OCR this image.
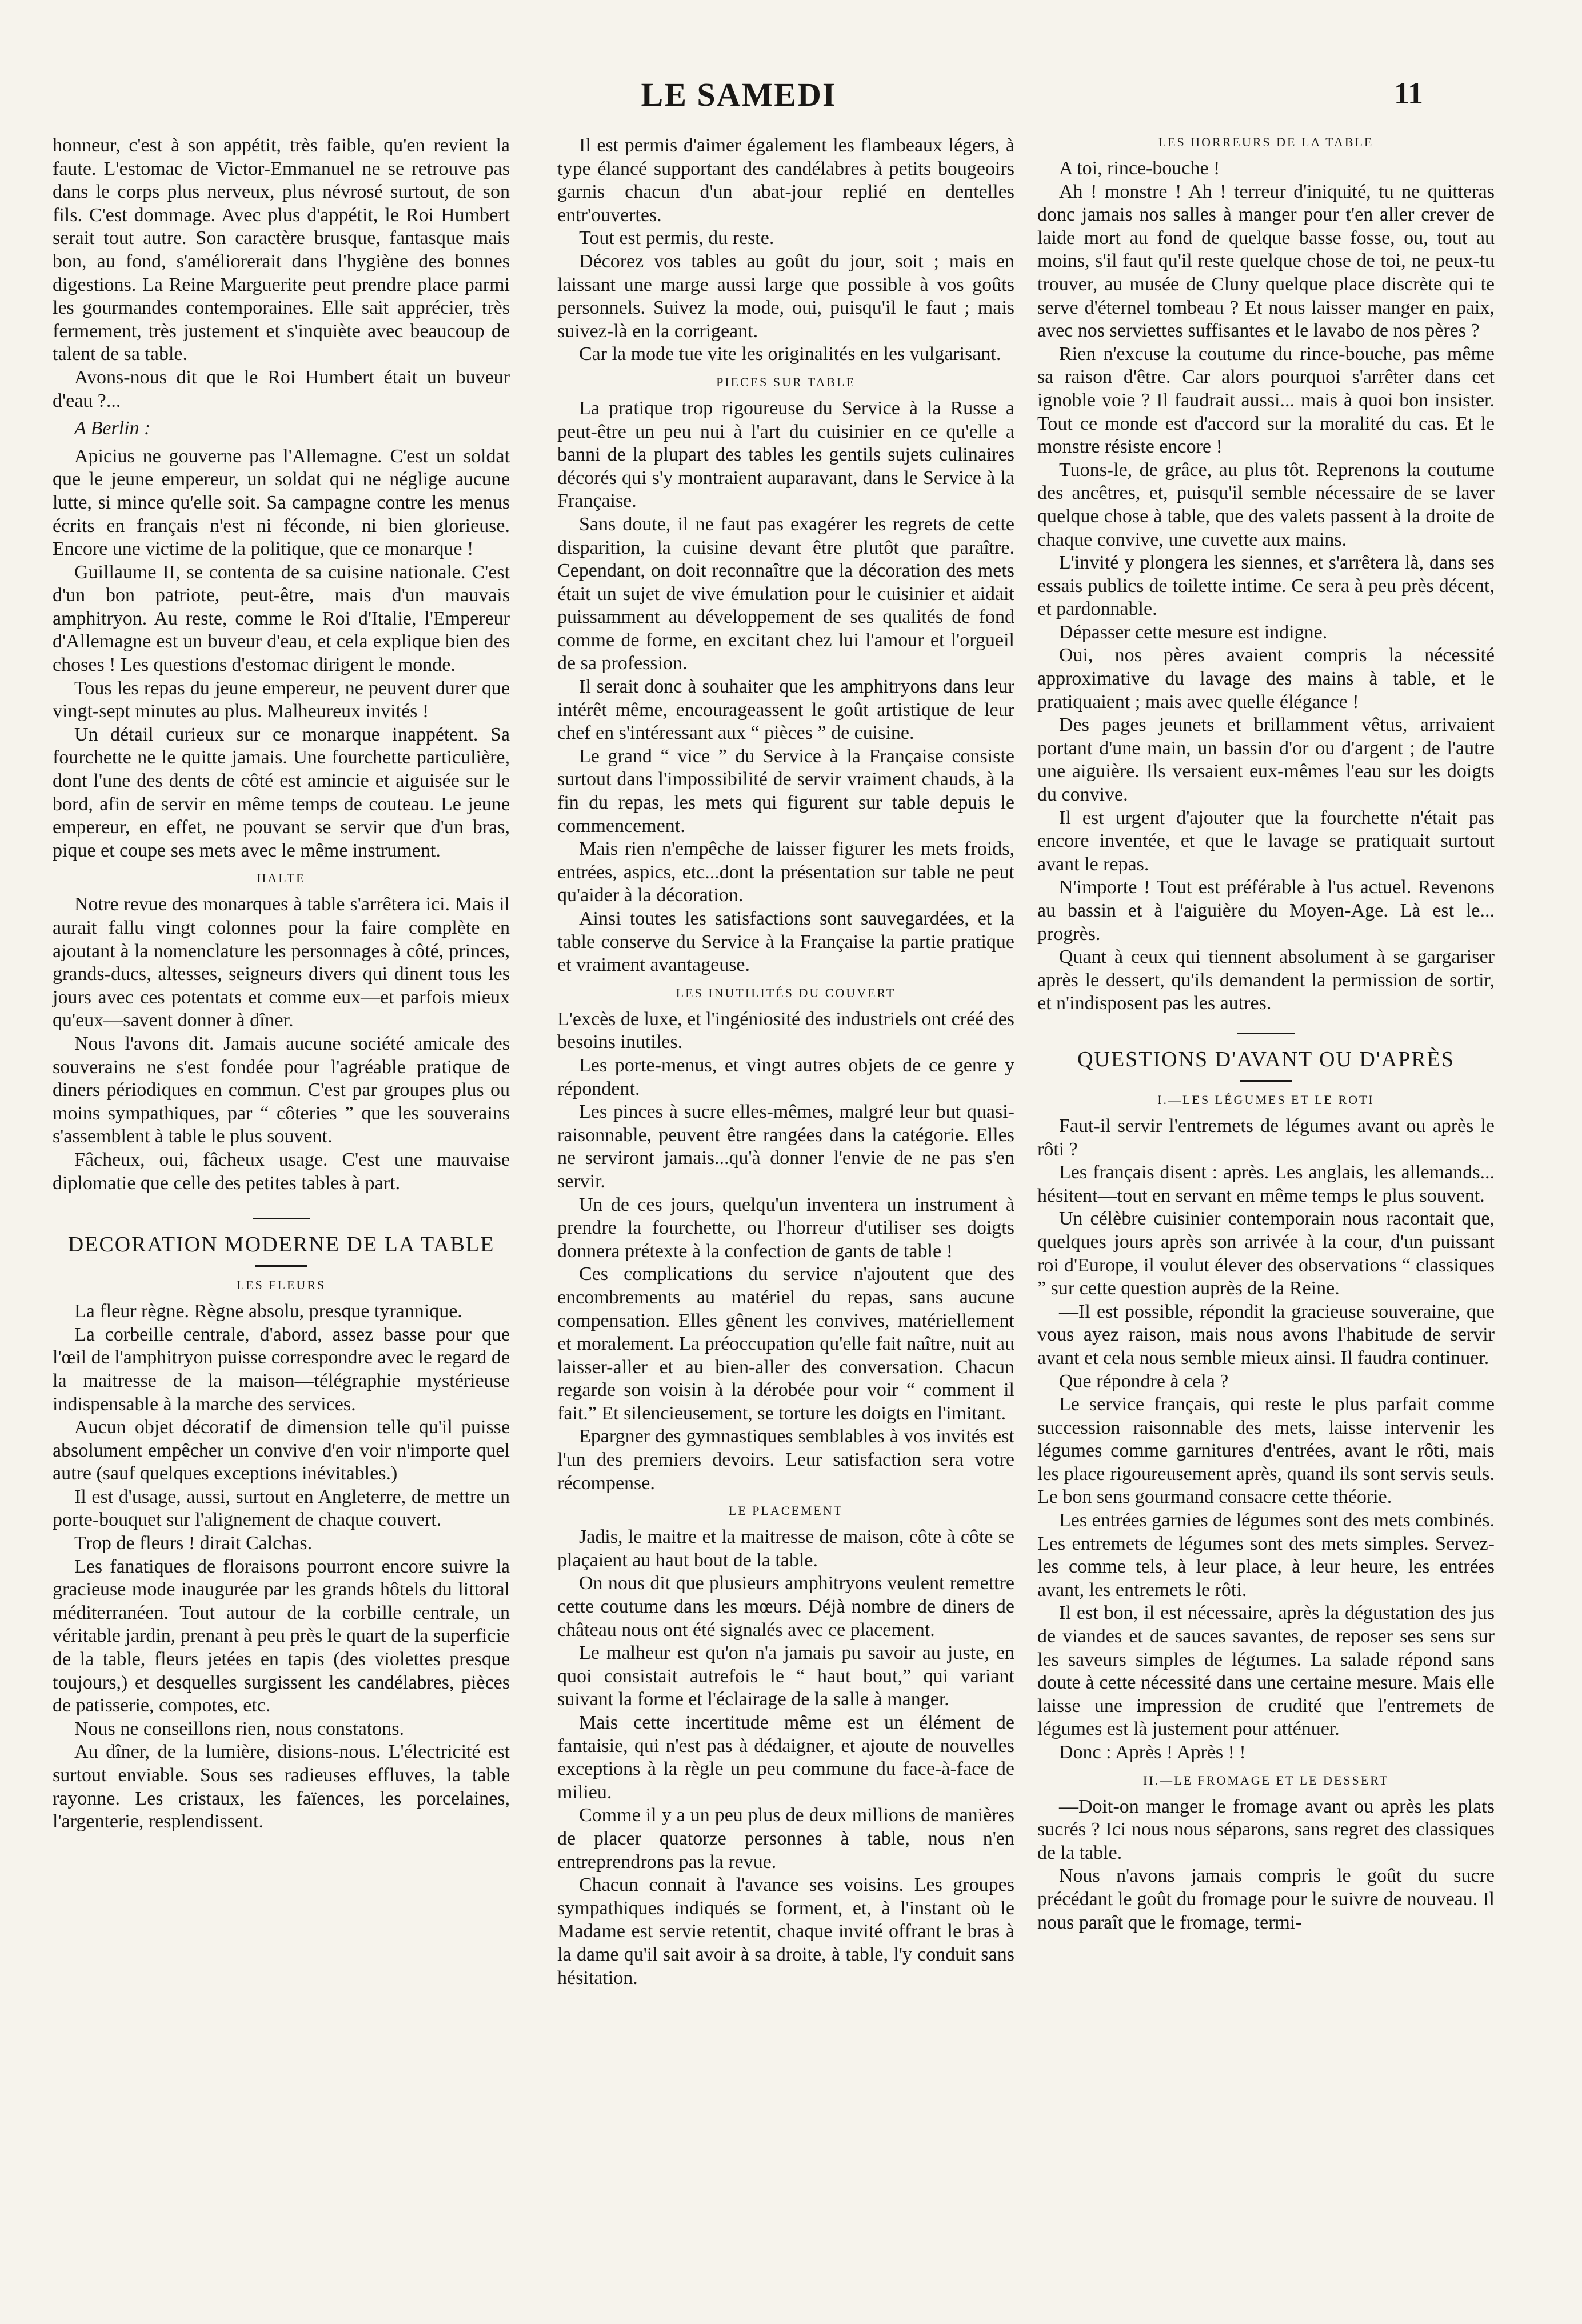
LE SAMEDI	11

honneur, c'est à son appétit, très faible, qu'en revient la faute. L'estomac de Victor-Emmanuel ne se retrouve pas dans le corps plus nerveux, plus névrosé surtout, de son fils. C'est dommage. Avec plus d'appétit, le Roi Humbert serait tout autre. Son caractère brusque, fantasque mais bon, au fond, s'améliorerait dans l'hygiène des bonnes digestions. La Reine Marguerite peut prendre place parmi les gourmandes contemporaines. Elle sait apprécier, très fermement, très justement et s'inquiète avec beaucoup de talent de sa table.

Avons-nous dit que le Roi Humbert était un buveur d'eau ?...

A Berlin :

Apicius ne gouverne pas l'Allemagne. C'est un soldat que le jeune empereur, un soldat qui ne néglige aucune lutte, si mince qu'elle soit. Sa campagne contre les menus écrits en français n'est ni féconde, ni bien glorieuse. Encore une victime de la politique, que ce monarque !

Guillaume II, se contenta de sa cuisine nationale. C'est d'un bon patriote, peut-être, mais d'un mauvais amphitryon. Au reste, comme le Roi d'Italie, l'Empereur d'Allemagne est un buveur d'eau, et cela explique bien des choses ! Les questions d'estomac dirigent le monde.

Tous les repas du jeune empereur, ne peuvent durer que vingt-sept minutes au plus. Malheureux invités !

Un détail curieux sur ce monarque inappétent. Sa fourchette ne le quitte jamais. Une fourchette particulière, dont l'une des dents de côté est amincie et aiguisée sur le bord, afin de servir en même temps de couteau. Le jeune empereur, en effet, ne pouvant se servir que d'un bras, pique et coupe ses mets avec le même instrument.

HALTE

Notre revue des monarques à table s'arrêtera ici. Mais il aurait fallu vingt colonnes pour la faire complète en ajoutant à la nomenclature les personnages à côté, princes, grands-ducs, altesses, seigneurs divers qui dinent tous les jours avec ces potentats et comme eux—et parfois mieux qu'eux—savent donner à dîner.

Nous l'avons dit. Jamais aucune société amicale des souverains ne s'est fondée pour l'agréable pratique de diners périodiques en commun. C'est par groupes plus ou moins sympathiques, par “ côteries ” que les souverains s'assemblent à table le plus souvent.

Fâcheux, oui, fâcheux usage. C'est une mauvaise diplomatie que celle des petites tables à part.

DECORATION MODERNE DE LA TABLE
LES FLEURS

La fleur règne. Règne absolu, presque tyrannique.

La corbeille centrale, d'abord, assez basse pour que l'œil de l'amphitryon puisse correspondre avec le regard de la maitresse de la maison—télégraphie mystérieuse indispensable à la marche des services.

Aucun objet décoratif de dimension telle qu'il puisse absolument empêcher un convive d'en voir n'importe quel autre (sauf quelques exceptions inévitables.)

Il est d'usage, aussi, surtout en Angleterre, de mettre un porte-bouquet sur l'alignement de chaque couvert.

Trop de fleurs ! dirait Calchas.

Les fanatiques de floraisons pourront encore suivre la gracieuse mode inaugurée par les grands hôtels du littoral méditerranéen. Tout autour de la corbille centrale, un véritable jardin, prenant à peu près le quart de la superficie de la table, fleurs jetées en tapis (des violettes presque toujours,) et desquelles surgissent les candélabres, pièces de patisserie, compotes, etc.

Nous ne conseillons rien, nous constatons.

Au dîner, de la lumière, disions-nous. L'électricité est surtout enviable. Sous ses radieuses effluves, la table rayonne. Les cristaux, les faïences, les porcelaines, l'argenterie, resplendissent.

Il est permis d'aimer également les flambeaux légers, à type élancé supportant des candélabres à petits bougeoirs garnis chacun d'un abat-jour replié en dentelles entr'ouvertes.

Tout est permis, du reste.

Décorez vos tables au goût du jour, soit ; mais en laissant une marge aussi large que possible à vos goûts personnels. Suivez la mode, oui, puisqu'il le faut ; mais suivez-là en la corrigeant.

Car la mode tue vite les originalités en les vulgarisant.

PIECES SUR TABLE

La pratique trop rigoureuse du Service à la Russe a peut-être un peu nui à l'art du cuisinier en ce qu'elle a banni de la plupart des tables les gentils sujets culinaires décorés qui s'y montraient auparavant, dans le Service à la Française.

Sans doute, il ne faut pas exagérer les regrets de cette disparition, la cuisine devant être plutôt que paraître. Cependant, on doit reconnaître que la décoration des mets était un sujet de vive émulation pour le cuisinier et aidait puissamment au développement de ses qualités de fond comme de forme, en excitant chez lui l'amour et l'orgueil de sa profession.

Il serait donc à souhaiter que les amphitryons dans leur intérêt même, encourageassent le goût artistique de leur chef en s'intéressant aux “ pièces ” de cuisine.

Le grand “ vice ” du Service à la Française consiste surtout dans l'impossibilité de servir vraiment chauds, à la fin du repas, les mets qui figurent sur table depuis le commencement.

Mais rien n'empêche de laisser figurer les mets froids, entrées, aspics, etc...dont la présentation sur table ne peut qu'aider à la décoration.

Ainsi toutes les satisfactions sont sauvegardées, et la table conserve du Service à la Française la partie pratique et vraiment avantageuse.

LES INUTILITÉS DU COUVERT

L'excès de luxe, et l'ingéniosité des industriels ont créé des besoins inutiles.

Les porte-menus, et vingt autres objets de ce genre y répondent.

Les pinces à sucre elles-mêmes, malgré leur but quasi-raisonnable, peuvent être rangées dans la catégorie. Elles ne serviront jamais...qu'à donner l'envie de ne pas s'en servir.

Un de ces jours, quelqu'un inventera un instrument à prendre la fourchette, ou l'horreur d'utiliser ses doigts donnera prétexte à la confection de gants de table !

Ces complications du service n'ajoutent que des encombrements au matériel du repas, sans aucune compensation. Elles gênent les convives, matériellement et moralement. La préoccupation qu'elle fait naître, nuit au laisser-aller et au bien-aller des conversation. Chacun regarde son voisin à la dérobée pour voir “ comment il fait.” Et silencieusement, se torture les doigts en l'imitant.

Epargner des gymnastiques semblables à vos invités est l'un des premiers devoirs. Leur satisfaction sera votre récompense.

LE PLACEMENT

Jadis, le maitre et la maitresse de maison, côte à côte se plaçaient au haut bout de la table.

On nous dit que plusieurs amphitryons veulent remettre cette coutume dans les mœurs. Déjà nombre de diners de château nous ont été signalés avec ce placement.

Le malheur est qu'on n'a jamais pu savoir au juste, en quoi consistait autrefois le “ haut bout,” qui variant suivant la forme et l'éclairage de la salle à manger.

Mais cette incertitude même est un élément de fantaisie, qui n'est pas à dédaigner, et ajoute de nouvelles exceptions à la règle un peu commune du face-à-face de milieu.

Comme il y a un peu plus de deux millions de manières de placer quatorze personnes à table, nous n'en entreprendrons pas la revue.

Chacun connait à l'avance ses voisins. Les groupes sympathiques indiqués se forment, et, à l'instant où le Madame est servie retentit, chaque invité offrant le bras à la dame qu'il sait avoir à sa droite, à table, l'y conduit sans hésitation.

LES HORREURS DE LA TABLE

A toi, rince-bouche !

Ah ! monstre ! Ah ! terreur d'iniquité, tu ne quitteras donc jamais nos salles à manger pour t'en aller crever de laide mort au fond de quelque basse fosse, ou, tout au moins, s'il faut qu'il reste quelque chose de toi, ne peux-tu trouver, au musée de Cluny quelque place discrète qui te serve d'éternel tombeau ? Et nous laisser manger en paix, avec nos serviettes suffisantes et le lavabo de nos pères ?

Rien n'excuse la coutume du rince-bouche, pas même sa raison d'être. Car alors pourquoi s'arrêter dans cet ignoble voie ? Il faudrait aussi... mais à quoi bon insister. Tout ce monde est d'accord sur la moralité du cas. Et le monstre résiste encore !

Tuons-le, de grâce, au plus tôt. Reprenons la coutume des ancêtres, et, puisqu'il semble nécessaire de se laver quelque chose à table, que des valets passent à la droite de chaque convive, une cuvette aux mains.

L'invité y plongera les siennes, et s'arrêtera là, dans ses essais publics de toilette intime. Ce sera à peu près décent, et pardonnable.

Dépasser cette mesure est indigne.

Oui, nos pères avaient compris la nécessité approximative du lavage des mains à table, et le pratiquaient ; mais avec quelle élégance !

Des pages jeunets et brillamment vêtus, arrivaient portant d'une main, un bassin d'or ou d'argent ; de l'autre une aiguière. Ils versaient eux-mêmes l'eau sur les doigts du convive.

Il est urgent d'ajouter que la fourchette n'était pas encore inventée, et que le lavage se pratiquait surtout avant le repas.

N'importe ! Tout est préférable à l'us actuel. Revenons au bassin et à l'aiguière du Moyen-Age. Là est le... progrès.

Quant à ceux qui tiennent absolument à se gargariser après le dessert, qu'ils demandent la permission de sortir, et n'indisposent pas les autres.

QUESTIONS D'AVANT OU D'APRÈS
I.—LES LÉGUMES ET LE ROTI

Faut-il servir l'entremets de légumes avant ou après le rôti ?

Les français disent : après. Les anglais, les allemands... hésitent—tout en servant en même temps le plus souvent.

Un célèbre cuisinier contemporain nous racontait que, quelques jours après son arrivée à la cour, d'un puissant roi d'Europe, il voulut élever des observations “ classiques ” sur cette question auprès de la Reine.

—Il est possible, répondit la gracieuse souveraine, que vous ayez raison, mais nous avons l'habitude de servir avant et cela nous semble mieux ainsi. Il faudra continuer.

Que répondre à cela ?

Le service français, qui reste le plus parfait comme succession raisonnable des mets, laisse intervenir les légumes comme garnitures d'entrées, avant le rôti, mais les place rigoureusement après, quand ils sont servis seuls. Le bon sens gourmand consacre cette théorie.

Les entrées garnies de légumes sont des mets combinés. Les entremets de légumes sont des mets simples. Servez-les comme tels, à leur place, à leur heure, les entrées avant, les entremets le rôti.

Il est bon, il est nécessaire, après la dégustation des jus de viandes et de sauces savantes, de reposer ses sens sur les saveurs simples de légumes. La salade répond sans doute à cette nécessité dans une certaine mesure. Mais elle laisse une impression de crudité que l'entremets de légumes est là justement pour atténuer.

Donc : Après ! Après ! !

II.—LE FROMAGE ET LE DESSERT

—Doit-on manger le fromage avant ou après les plats sucrés ? Ici nous nous séparons, sans regret des classiques de la table.

Nous n'avons jamais compris le goût du sucre précédant le goût du fromage pour le suivre de nouveau. Il nous paraît que le fromage, termi-
